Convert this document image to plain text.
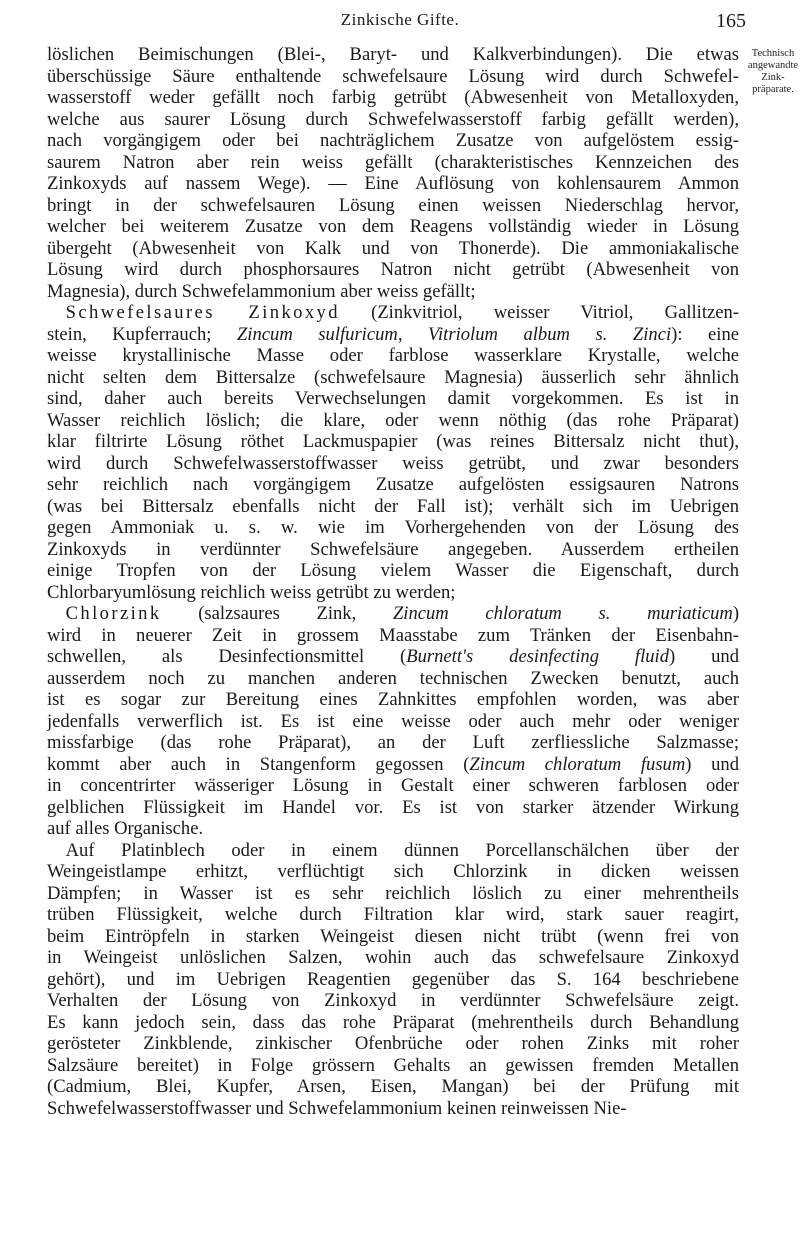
Zinkische Gifte.	165
Technisch
angewandte
Zink-
präparate.

löslichen Beimischungen (Blei-, Baryt- und Kalkverbindungen). Die etwas
überschüssige Säure enthaltende schwefelsaure Lösung wird durch Schwefel-
wasserstoff weder gefällt noch farbig getrübt (Abwesenheit von Metalloxyden,
welche aus saurer Lösung durch Schwefelwasserstoff farbig gefällt werden),
nach vorgängigem oder bei nachträglichem Zusatze von aufgelöstem essig-
saurem Natron aber rein weiss gefällt (charakteristisches Kennzeichen des
Zinkoxyds auf nassem Wege). — Eine Auflösung von kohlensaurem Ammon
bringt in der schwefelsauren Lösung einen weissen Niederschlag hervor,
welcher bei weiterem Zusatze von dem Reagens vollständig wieder in Lösung
übergeht (Abwesenheit von Kalk und von Thonerde). Die ammoniakalische
Lösung wird durch phosphorsaures Natron nicht getrübt (Abwesenheit von
Magnesia), durch Schwefelammonium aber weiss gefällt;

 Schwefelsaures Zinkoxyd (Zinkvitriol, weisser Vitriol, Gallitzen-
stein, Kupferrauch; Zincum sulfuricum, Vitriolum album s. Zinci): eine
weisse krystallinische Masse oder farblose wasserklare Krystalle, welche
nicht selten dem Bittersalze (schwefelsaure Magnesia) äusserlich sehr ähnlich
sind, daher auch bereits Verwechselungen damit vorgekommen. Es ist in
Wasser reichlich löslich; die klare, oder wenn nöthig (das rohe Präparat)
klar filtrirte Lösung röthet Lackmuspapier (was reines Bittersalz nicht thut),
wird durch Schwefelwasserstoffwasser weiss getrübt, und zwar besonders
sehr reichlich nach vorgängigem Zusatze aufgelösten essigsauren Natrons
(was bei Bittersalz ebenfalls nicht der Fall ist); verhält sich im Uebrigen
gegen Ammoniak u. s. w. wie im Vorhergehenden von der Lösung des
Zinkoxyds in verdünnter Schwefelsäure angegeben. Ausserdem ertheilen
einige Tropfen von der Lösung vielem Wasser die Eigenschaft, durch
Chlorbaryumlösung reichlich weiss getrübt zu werden;

 Chlorzink (salzsaures Zink, Zincum chloratum s. muriaticum)
wird in neuerer Zeit in grossem Maasstabe zum Tränken der Eisenbahn-
schwellen, als Desinfectionsmittel (Burnett's desinfecting fluid) und
ausserdem noch zu manchen anderen technischen Zwecken benutzt, auch
ist es sogar zur Bereitung eines Zahnkittes empfohlen worden, was aber
jedenfalls verwerflich ist. Es ist eine weisse oder auch mehr oder weniger
missfarbige (das rohe Präparat), an der Luft zerfliessliche Salzmasse;
kommt aber auch in Stangenform gegossen (Zincum chloratum fusum) und
in concentrirter wässeriger Lösung in Gestalt einer schweren farblosen oder
gelblichen Flüssigkeit im Handel vor. Es ist von starker ätzender Wirkung
auf alles Organische.

 Auf Platinblech oder in einem dünnen Porcellanschälchen über der
Weingeistlampe erhitzt, verflüchtigt sich Chlorzink in dicken weissen
Dämpfen; in Wasser ist es sehr reichlich löslich zu einer mehrentheils
trüben Flüssigkeit, welche durch Filtration klar wird, stark sauer reagirt,
beim Eintröpfeln in starken Weingeist diesen nicht trübt (wenn frei von
in Weingeist unlöslichen Salzen, wohin auch das schwefelsaure Zinkoxyd
gehört), und im Uebrigen Reagentien gegenüber das S. 164 beschriebene
Verhalten der Lösung von Zinkoxyd in verdünnter Schwefelsäure zeigt.
Es kann jedoch sein, dass das rohe Präparat (mehrentheils durch Behandlung
gerösteter Zinkblende, zinkischer Ofenbrüche oder rohen Zinks mit roher
Salzsäure bereitet) in Folge grössern Gehalts an gewissen fremden Metallen
(Cadmium, Blei, Kupfer, Arsen, Eisen, Mangan) bei der Prüfung mit
Schwefelwasserstoffwasser und Schwefelammonium keinen reinweissen Nie-
